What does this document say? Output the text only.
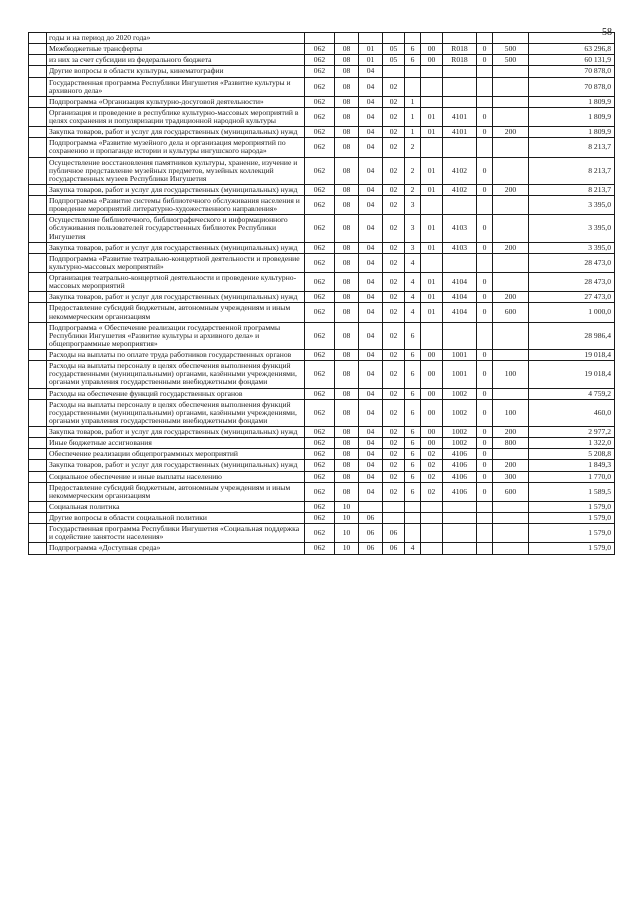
58
	годы и на период до 2020 года»										
	Межбюджетные трансферты	062	08	01	05	6	00	R018	0	500	63 296,8
	из них за счет субсидии из федерального бюджета	062	08	01	05	6	00	R018	0	500	60 131,9
	Другие вопросы в области культуры, кинематографии	062	08	04							70 878,0
	Государственная программа Республики Ингушетия «Развитие культуры и архивного дела»	062	08	04	02						70 878,0
	Подпрограмма «Организация культурно-досуговой деятельности»	062	08	04	02	1					1 809,9
	Организация и проведение в республике культурно-массовых мероприятий в целях сохранения и популяризации традиционной народной культуры	062	08	04	02	1	01	4101	0		1 809,9
	Закупка товаров, работ и услуг для государственных (муниципальных) нужд	062	08	04	02	1	01	4101	0	200	1 809,9
	Подпрограмма «Развитие музейного дела и организация мероприятий по сохранению и пропаганде истории и культуры ингушского народа»	062	08	04	02	2					8 213,7
	Осуществление восстановления памятников культуры, хранение, изучение и публичное представление музейных предметов, музейных коллекций государственных музеев Республики Ингушетия	062	08	04	02	2	01	4102	0		8 213,7
	Закупка товаров, работ и услуг для государственных (муниципальных) нужд	062	08	04	02	2	01	4102	0	200	8 213,7
	Подпрограмма «Развитие системы библиотечного обслуживания населения и проведение мероприятий литературно-художественного направления»	062	08	04	02	3					3 395,0
	Осуществление библиотечного, библиографического и информационного обслуживания пользователей государственных библиотек Республики Ингушетия	062	08	04	02	3	01	4103	0		3 395,0
	Закупка товаров, работ и услуг для государственных (муниципальных) нужд	062	08	04	02	3	01	4103	0	200	3 395,0
	Подпрограмма «Развитие театрально-концертной деятельности и проведение культурно-массовых мероприятий»	062	08	04	02	4					28 473,0
	Организация театрально-концертной деятельности и проведение культурно-массовых мероприятий	062	08	04	02	4	01	4104	0		28 473,0
	Закупка товаров, работ и услуг для государственных (муниципальных) нужд	062	08	04	02	4	01	4104	0	200	27 473,0
	Предоставление субсидий бюджетным, автономным учреждениям и иным некоммерческим организациям	062	08	04	02	4	01	4104	0	600	1 000,0
	Подпрограмма « Обеспечение реализации государственной программы Республики Ингушетия «Развитие культуры и архивного дела» и общепрограммные мероприятия»	062	08	04	02	6					28 986,4
	Расходы на выплаты по оплате труда работников государственных органов	062	08	04	02	6	00	1001	0		19 018,4
	Расходы на выплаты персоналу в целях обеспечения выполнения функций государственными (муниципальными) органами, казёнными учреждениями, органами управления государственными внебюджетными фондами	062	08	04	02	6	00	1001	0	100	19 018,4
	Расходы на обеспечение функций государственных органов	062	08	04	02	6	00	1002	0		4 759,2
	Расходы на выплаты персоналу в целях обеспечения выполнения функций государственными (муниципальными) органами, казёнными учреждениями, органами управления государственными внебюджетными фондами	062	08	04	02	6	00	1002	0	100	460,0
	Закупка товаров, работ и услуг для государственных (муниципальных) нужд	062	08	04	02	6	00	1002	0	200	2 977,2
	Иные бюджетные ассигнования	062	08	04	02	6	00	1002	0	800	1 322,0
	Обеспечение реализации общепрограммных мероприятий	062	08	04	02	6	02	4106	0		5 208,8
	Закупка товаров, работ и услуг для государственных (муниципальных) нужд	062	08	04	02	6	02	4106	0	200	1 849,3
	Социальное обеспечение и иные выплаты населению	062	08	04	02	6	02	4106	0	300	1 770,0
	Предоставление субсидий бюджетным, автономным учреждениям и иным некоммерческим организациям	062	08	04	02	6	02	4106	0	600	1 589,5
	Социальная политика	062	10								1 579,0
	Другие вопросы в области социальной политики	062	10	06							1 579,0
	Государственная программа Республики Ингушетия «Социальная поддержка и содействие занятости населения»	062	10	06	06						1 579,0
	Подпрограмма «Доступная среда»	062	10	06	06	4					1 579,0
